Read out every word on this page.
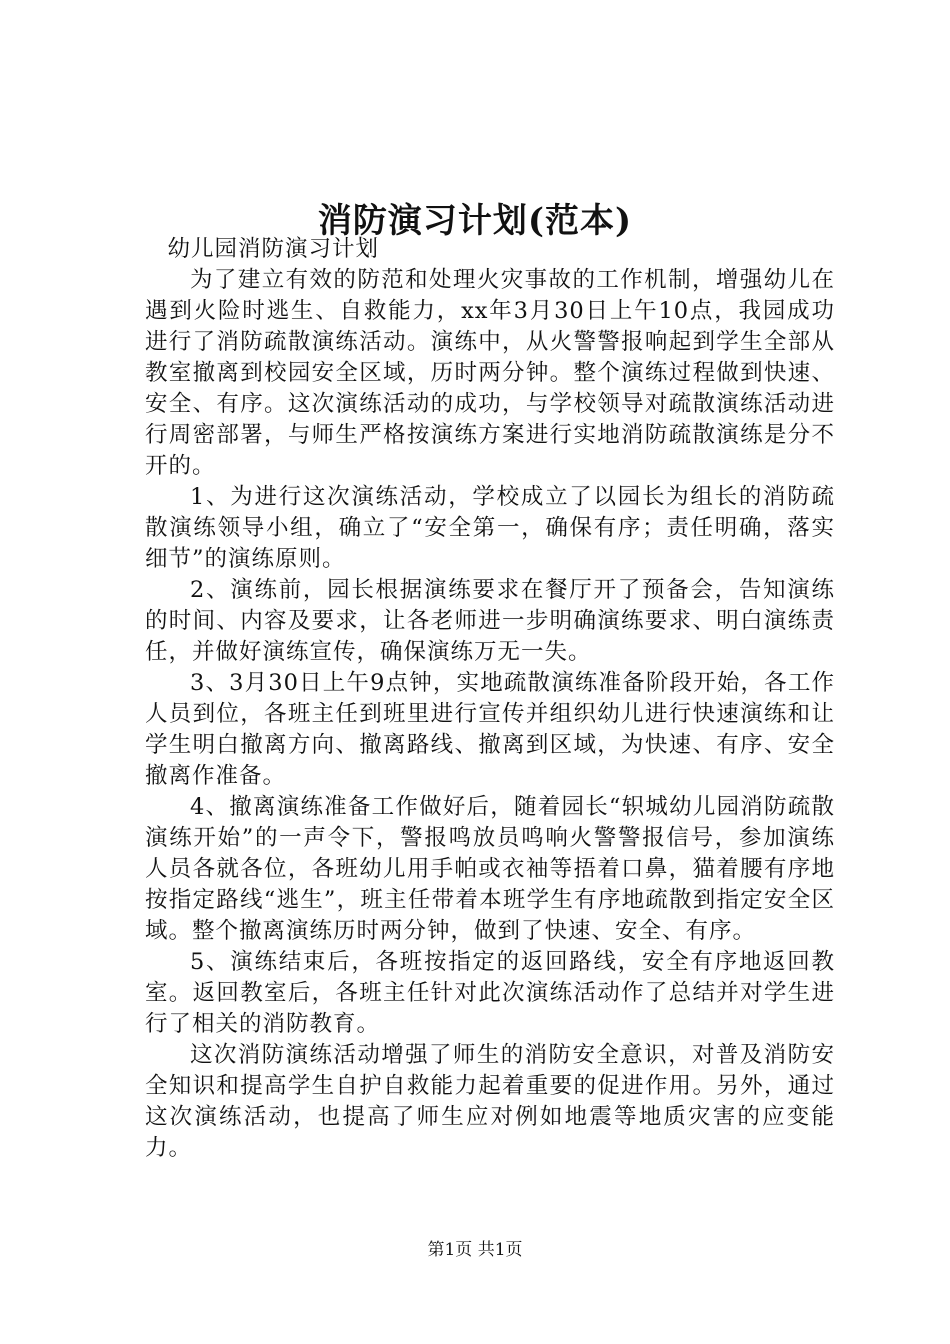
消防演习计划(范本)

幼儿园消防演习计划

为了建立有效的防范和处理火灾事故的工作机制，增强幼儿在遇到火险时逃生、自救能力，xx年3月30日上午10点，我园成功进行了消防疏散演练活动。演练中，从火警警报响起到学生全部从教室撤离到校园安全区域，历时两分钟。整个演练过程做到快速、安全、有序。这次演练活动的成功，与学校领导对疏散演练活动进行周密部署，与师生严格按演练方案进行实地消防疏散演练是分不开的。

1、为进行这次演练活动，学校成立了以园长为组长的消防疏散演练领导小组，确立了“安全第一，确保有序；责任明确，落实细节”的演练原则。

2、演练前，园长根据演练要求在餐厅开了预备会，告知演练的时间、内容及要求，让各老师进一步明确演练要求、明白演练责任，并做好演练宣传，确保演练万无一失。

3、3月30日上午9点钟，实地疏散演练准备阶段开始，各工作人员到位，各班主任到班里进行宣传并组织幼儿进行快速演练和让学生明白撤离方向、撤离路线、撤离到区域，为快速、有序、安全撤离作准备。

4、撤离演练准备工作做好后，随着园长“轵城幼儿园消防疏散演练开始”的一声令下，警报鸣放员鸣响火警警报信号，参加演练人员各就各位，各班幼儿用手帕或衣袖等捂着口鼻，猫着腰有序地按指定路线“逃生”，班主任带着本班学生有序地疏散到指定安全区域。整个撤离演练历时两分钟，做到了快速、安全、有序。

5、演练结束后，各班按指定的返回路线，安全有序地返回教室。返回教室后，各班主任针对此次演练活动作了总结并对学生进行了相关的消防教育。

这次消防演练活动增强了师生的消防安全意识，对普及消防安全知识和提高学生自护自救能力起着重要的促进作用。另外，通过这次演练活动，也提高了师生应对例如地震等地质灾害的应变能力。

第1页 共1页
